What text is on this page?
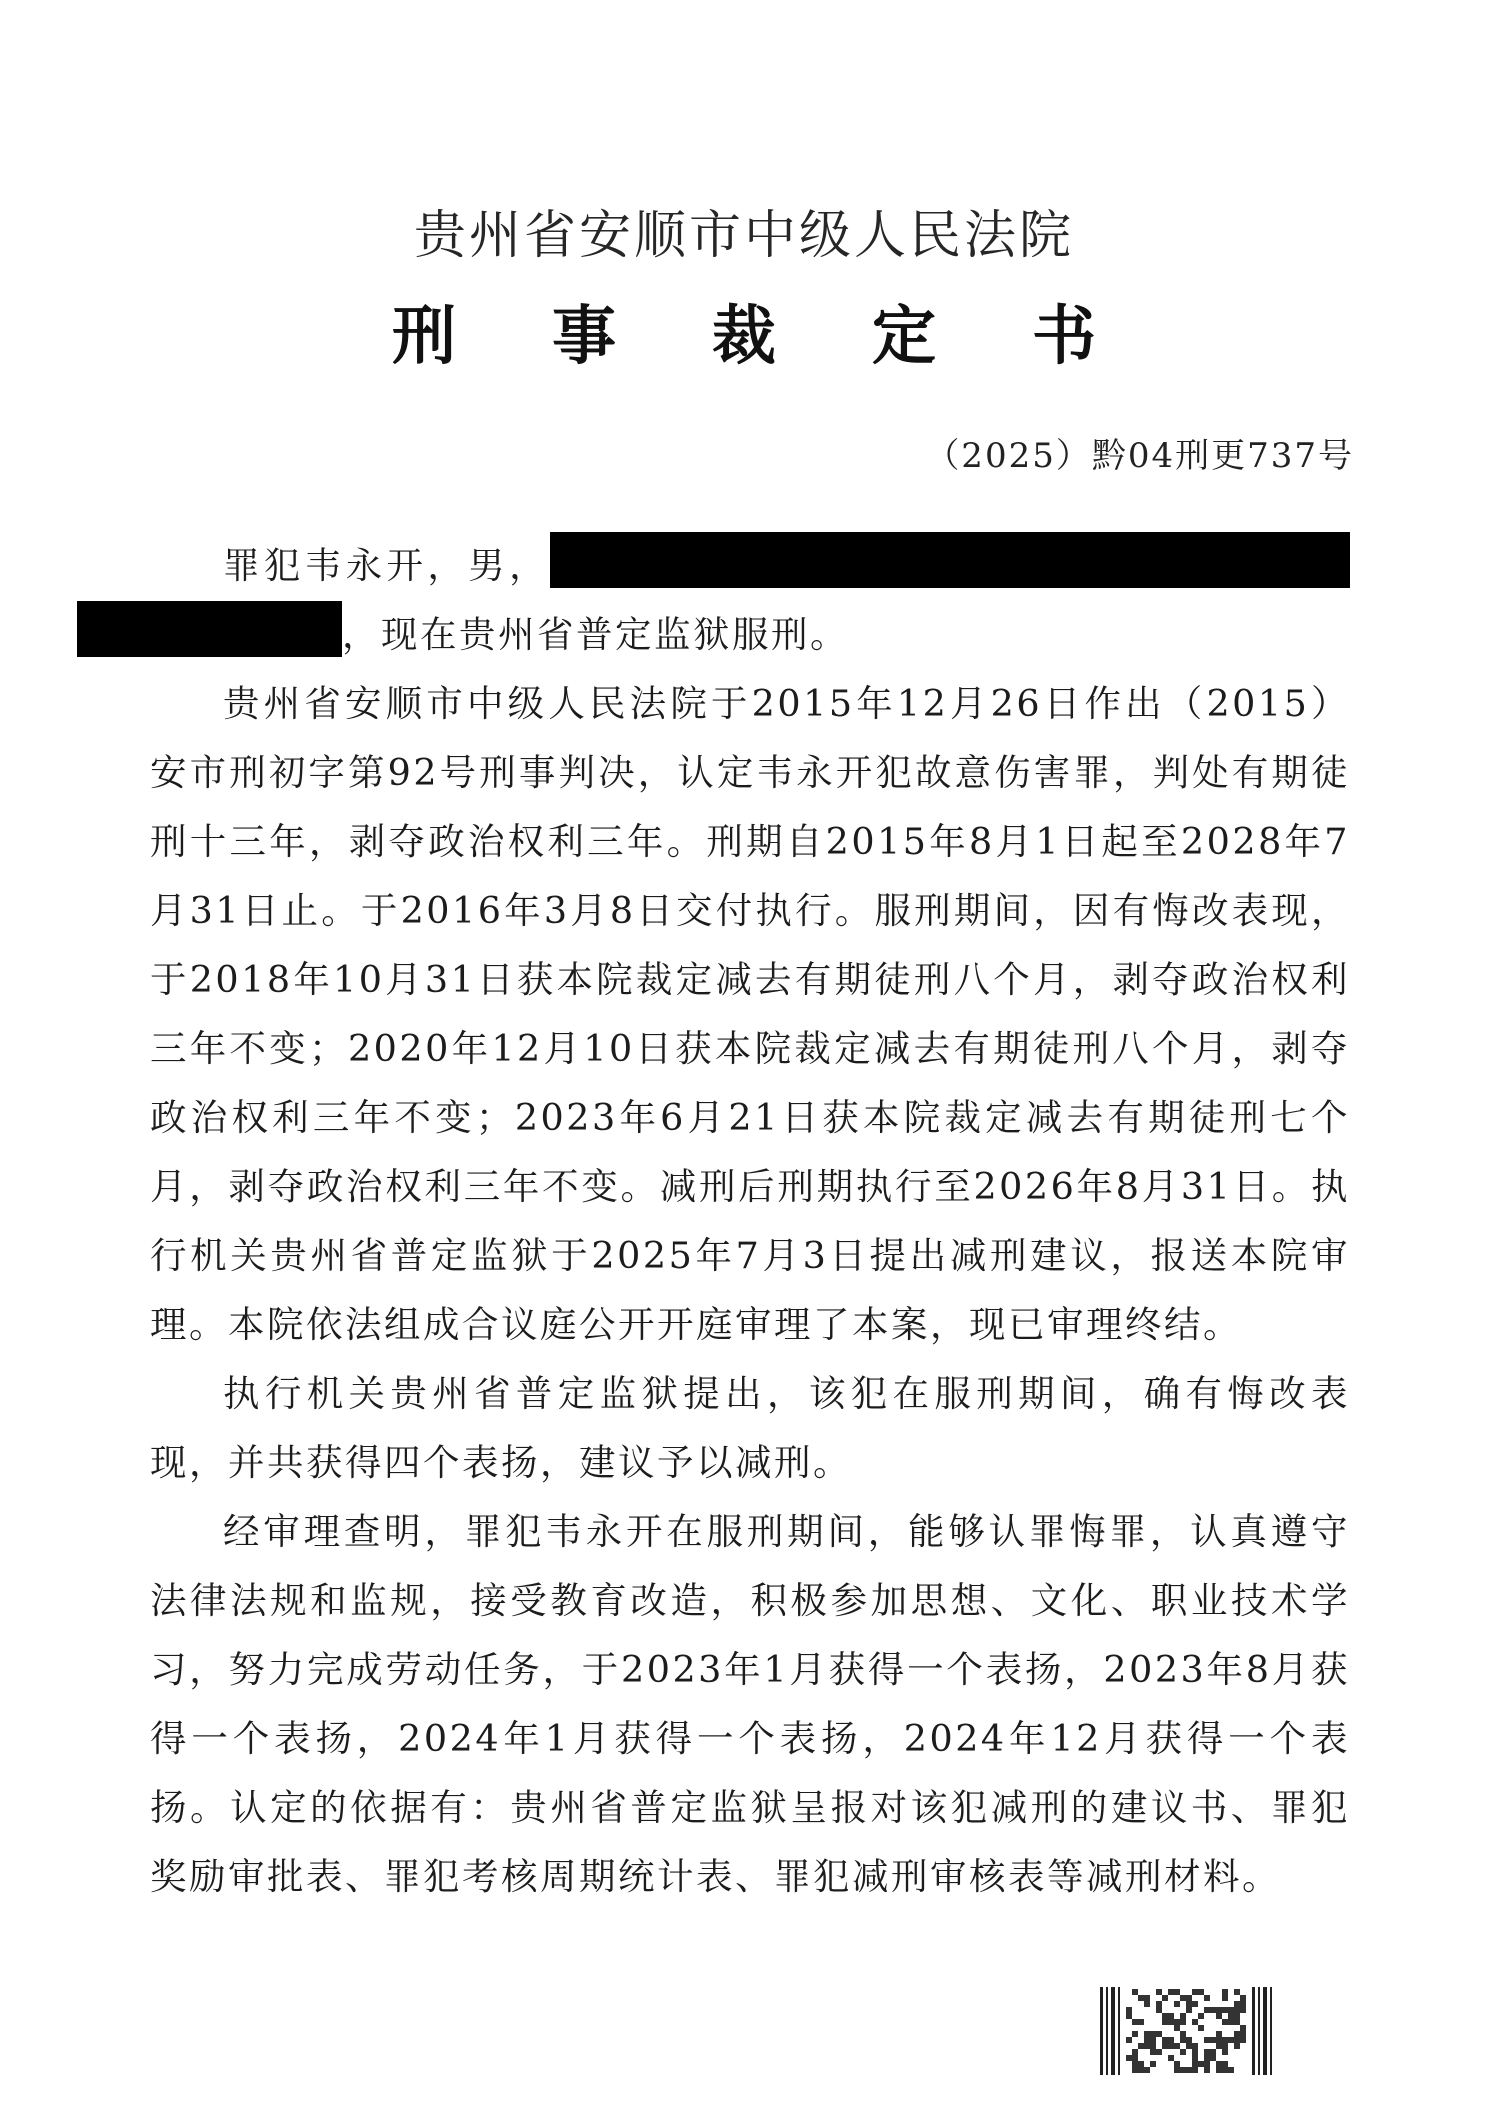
贵州省安顺市中级人民法院
刑事裁定书
（2025）黔04刑更737号

罪犯韦永开，男，，现在贵州省普定监狱服刑。

贵州省安顺市中级人民法院于2015年12月26日作出（2015）安市刑初字第92号刑事判决，认定韦永开犯故意伤害罪，判处有期徒刑十三年，剥夺政治权利三年。刑期自2015年8月1日起至2028年7月31日止。于2016年3月8日交付执行。服刑期间，因有悔改表现，于2018年10月31日获本院裁定减去有期徒刑八个月，剥夺政治权利三年不变；2020年12月10日获本院裁定减去有期徒刑八个月，剥夺政治权利三年不变；2023年6月21日获本院裁定减去有期徒刑七个月，剥夺政治权利三年不变。减刑后刑期执行至2026年8月31日。执行机关贵州省普定监狱于2025年7月3日提出减刑建议，报送本院审理。本院依法组成合议庭公开开庭审理了本案，现已审理终结。

执行机关贵州省普定监狱提出，该犯在服刑期间，确有悔改表现，并共获得四个表扬，建议予以减刑。

经审理查明，罪犯韦永开在服刑期间，能够认罪悔罪，认真遵守法律法规和监规，接受教育改造，积极参加思想、文化、职业技术学习，努力完成劳动任务，于2023年1月获得一个表扬，2023年8月获得一个表扬，2024年1月获得一个表扬，2024年12月获得一个表扬。认定的依据有：贵州省普定监狱呈报对该犯减刑的建议书、罪犯奖励审批表、罪犯考核周期统计表、罪犯减刑审核表等减刑材料。
